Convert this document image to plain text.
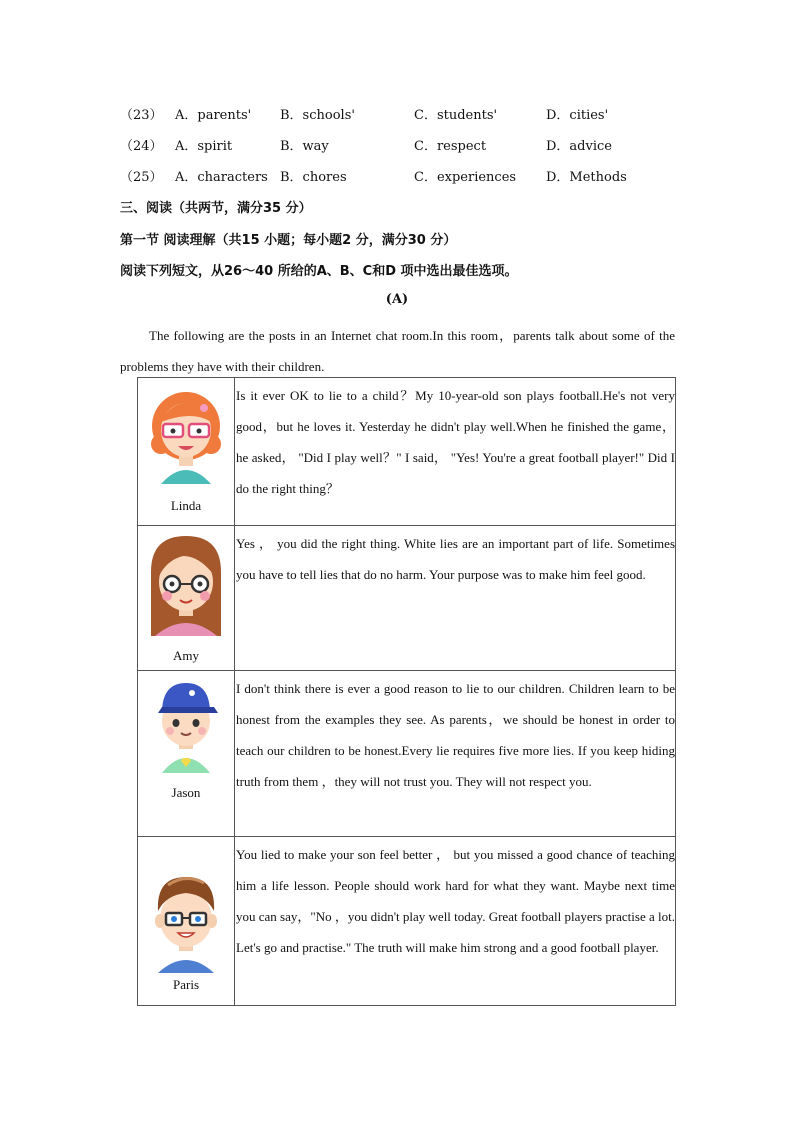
（23） A．parents' B．schools'	C．students'	D．cities'
（24） A．spirit	B．way	C．respect	D．advice
（25） A．characters B．chores	C．experiences D．Methods
三、阅读（共两节，满分35 分）
第一节 阅读理解（共15 小题；每小题2 分，满分30 分）
阅读下列短文，从26～40 所给的A、B、C和D 项中选出最佳选项。
(A)
The following are the posts in an Internet chat room.In this room，parents talk about some of the problems they have with their children.
Linda	Is it ever OK to lie to a child？My 10-year-old son plays football.He's not very good，but he loves it. Yesterday he didn't play well.When he finished the game，he asked， "Did I play well？" I said， "Yes! You're a great football player!" Did I do the right thing？

Amy	Yes ， you did the right thing. White lies are an important part of life. Sometimes you have to tell lies that do no harm. Your purpose was to make him feel good.

Jason	I don't think there is ever a good reason to lie to our children. Children learn to be honest from the examples they see. As parents，we should be honest in order to teach our children to be honest.Every lie requires five more lies. If you keep hiding truth from them ，they will not trust you. They will not respect you.

Paris	You lied to make your son feel better ， but you missed a good chance of teaching him a life lesson. People should work hard for what they want. Maybe next time you can say，"No ，you didn't play well today. Great football players practise a lot. Let's go and practise." The truth will make him strong and a good football player.
